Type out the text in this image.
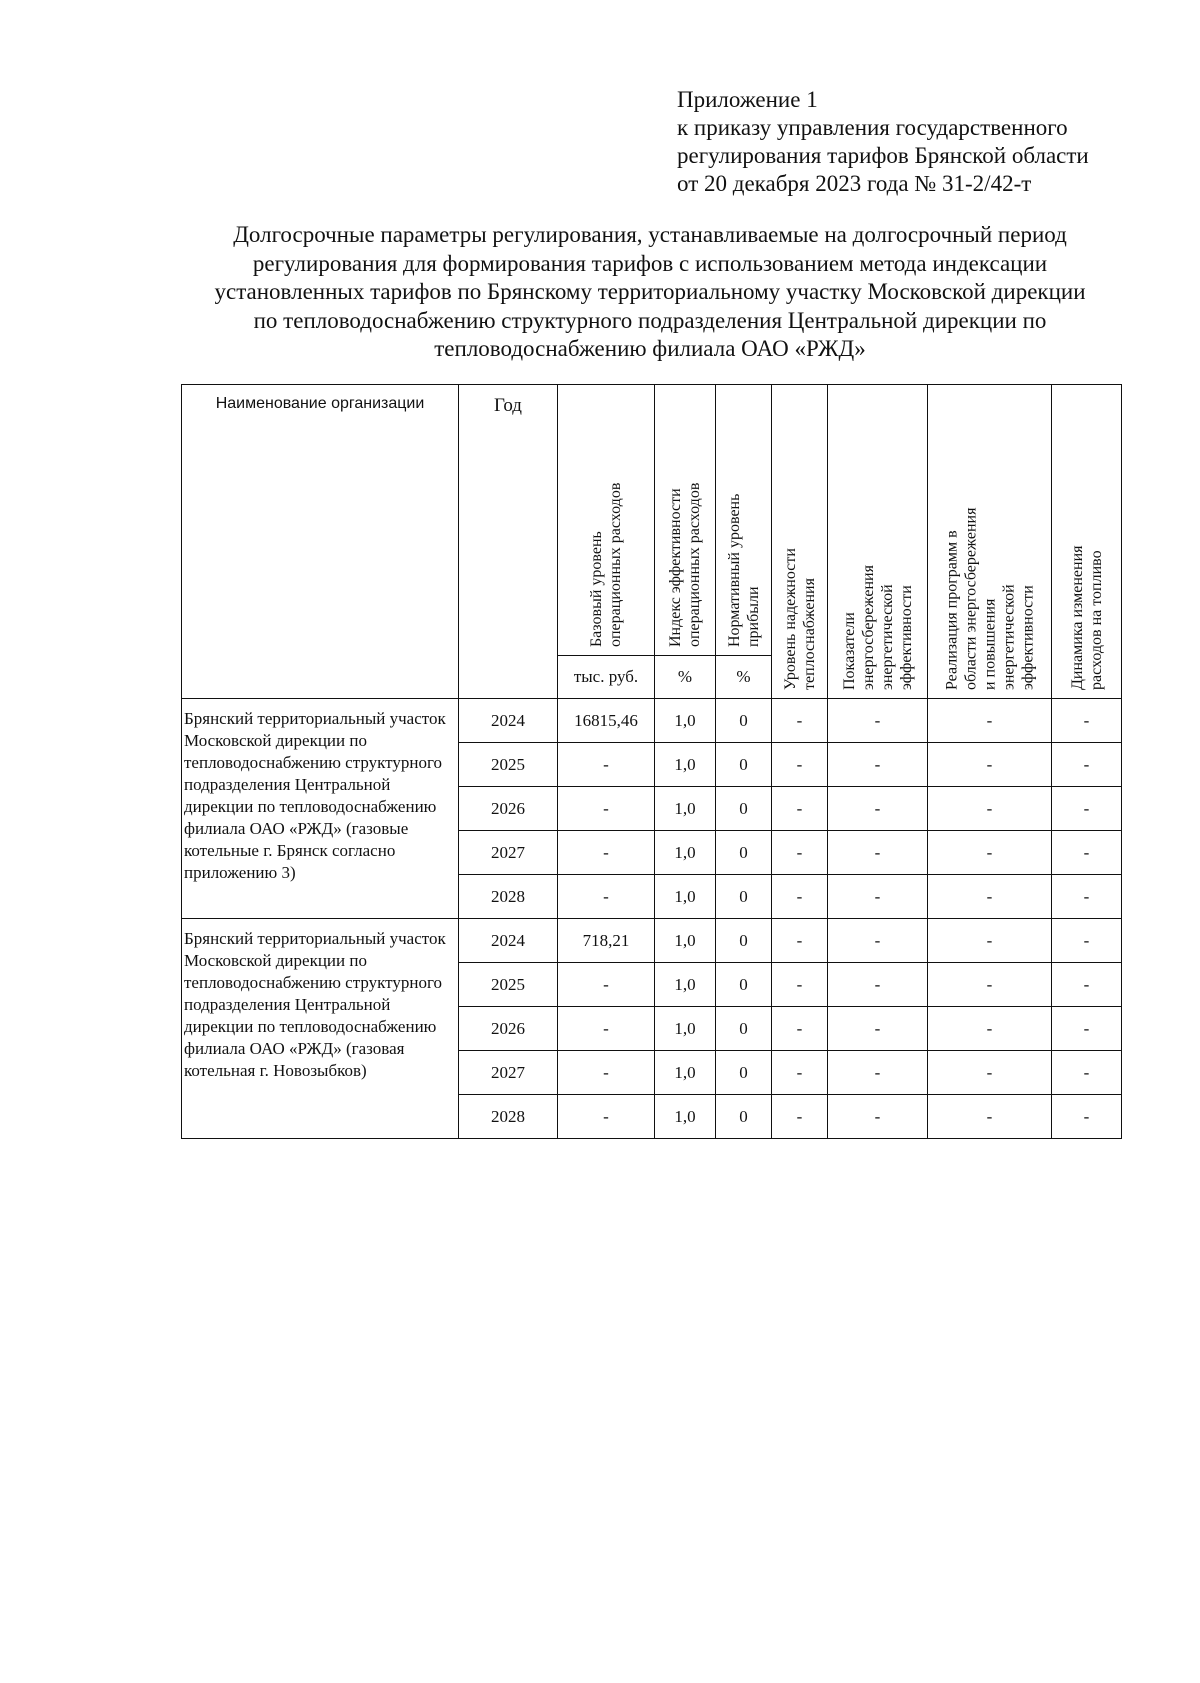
Приложение 1
к приказу управления государственного
регулирования тарифов Брянской области
от 20 декабря 2023 года № 31-2/42-т
Долгосрочные параметры регулирования, устанавливаемые на долгосрочный период
регулирования для формирования тарифов с использованием метода индексации
установленных тарифов по Брянскому территориальному участку Московской дирекции
по тепловодоснабжению структурного подразделения Центральной дирекции по
тепловодоснабжению филиала ОАО «РЖД»
Наименование организации	Год	Базовый уровень операционных расходов	Индекс эффективности операционных расходов	Нормативный уровень прибыли	Уровень надежности теплоснабжения	Показатели энергосбережения энергетической эффективности	Реализация программ в области энергосбережения и повышения энергетической эффективности	Динамика изменения расходов на топливо

		тыс. руб.	%	%				
Брянский территориальный участок Московской дирекции по тепловодоснабжению структурного подразделения Центральной дирекции по тепловодоснабжению филиала ОАО «РЖД» (газовые котельные г. Брянск согласно приложению 3)	2024	16815,46	1,0	0	-	-	-	-
	2025	-	1,0	0	-	-	-	-
	2026	-	1,0	0	-	-	-	-
	2027	-	1,0	0	-	-	-	-
	2028	-	1,0	0	-	-	-	-
Брянский территориальный участок Московской дирекции по тепловодоснабжению структурного подразделения Центральной дирекции по тепловодоснабжению филиала ОАО «РЖД» (газовая котельная г. Новозыбков)	2024	718,21	1,0	0	-	-	-	-
	2025	-	1,0	0	-	-	-	-
	2026	-	1,0	0	-	-	-	-
	2027	-	1,0	0	-	-	-	-
	2028	-	1,0	0	-	-	-	-
